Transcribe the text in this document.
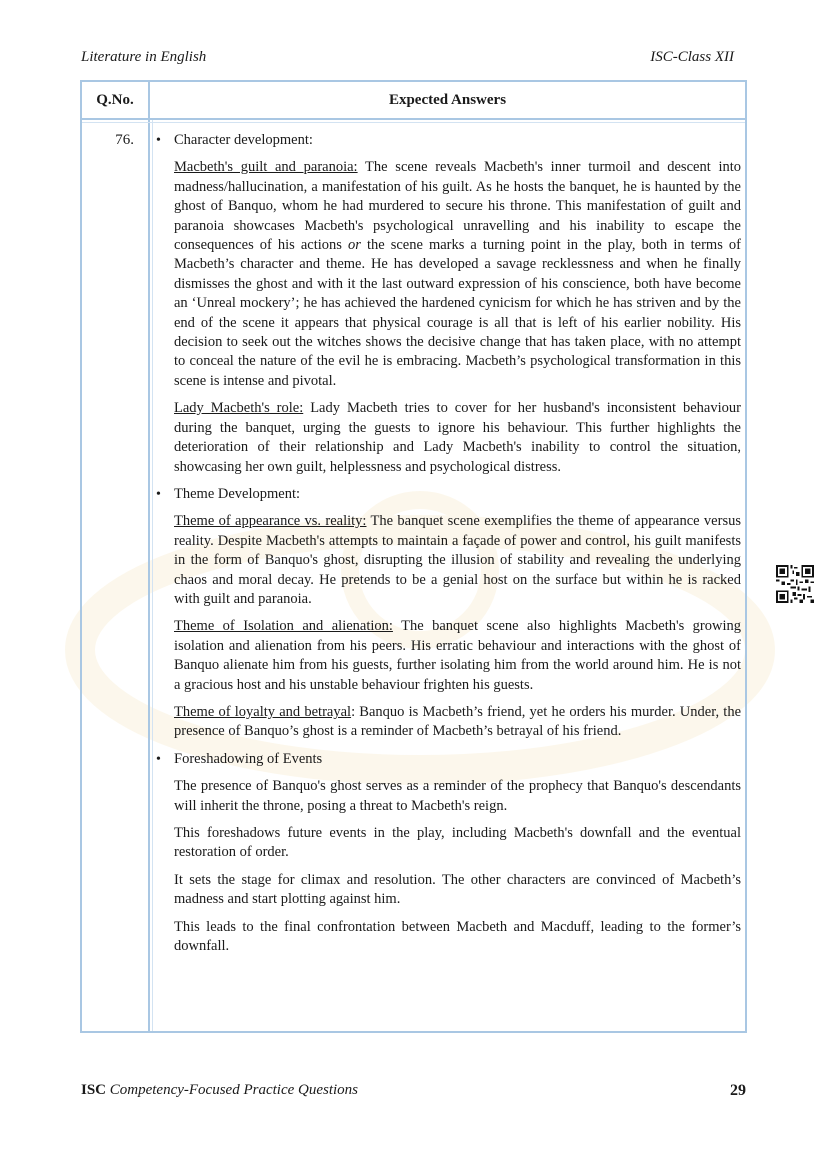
Literature in English	ISC-Class XII
Q.No.	Expected Answers
76.	• Character development:

Macbeth's guilt and paranoia: The scene reveals Macbeth's inner turmoil and descent into madness/hallucination, a manifestation of his guilt. As he hosts the banquet, he is haunted by the ghost of Banquo, whom he had murdered to secure his throne. This manifestation of guilt and paranoia showcases Macbeth's psychological unravelling and his inability to escape the consequences of his actions or the scene marks a turning point in the play, both in terms of Macbeth’s character and theme. He has developed a savage recklessness and when he finally dismisses the ghost and with it the last outward expression of his conscience, both have become an ‘Unreal mockery’; he has achieved the hardened cynicism for which he has striven and by the end of the scene it appears that physical courage is all that is left of his earlier nobility. His decision to seek out the witches shows the decisive change that has taken place, with no attempt to conceal the nature of the evil he is embracing. Macbeth’s psychological transformation in this scene is intense and pivotal.

Lady Macbeth's role: Lady Macbeth tries to cover for her husband's inconsistent behaviour during the banquet, urging the guests to ignore his behaviour. This further highlights the deterioration of their relationship and Lady Macbeth's inability to control the situation, showcasing her own guilt, helplessness and psychological distress.

• Theme Development:

Theme of appearance vs. reality: The banquet scene exemplifies the theme of appearance versus reality. Despite Macbeth's attempts to maintain a façade of power and control, his guilt manifests in the form of Banquo's ghost, disrupting the illusion of stability and revealing the underlying chaos and moral decay. He pretends to be a genial host on the surface but within he is racked with guilt and paranoia.

Theme of Isolation and alienation: The banquet scene also highlights Macbeth's growing isolation and alienation from his peers. His erratic behaviour and interactions with the ghost of Banquo alienate him from his guests, further isolating him from the world around him. He is not a gracious host and his unstable behaviour frighten his guests.

Theme of loyalty and betrayal: Banquo is Macbeth’s friend, yet he orders his murder. Under, the presence of Banquo’s ghost is a reminder of Macbeth’s betrayal of his friend.

• Foreshadowing of Events

The presence of Banquo's ghost serves as a reminder of the prophecy that Banquo's descendants will inherit the throne, posing a threat to Macbeth's reign.

This foreshadows future events in the play, including Macbeth's downfall and the eventual restoration of order.

It sets the stage for climax and resolution. The other characters are convinced of Macbeth’s madness and start plotting against him.

This leads to the final confrontation between Macbeth and Macduff, leading to the former’s downfall.

ISC Competency-Focused Practice Questions	29
